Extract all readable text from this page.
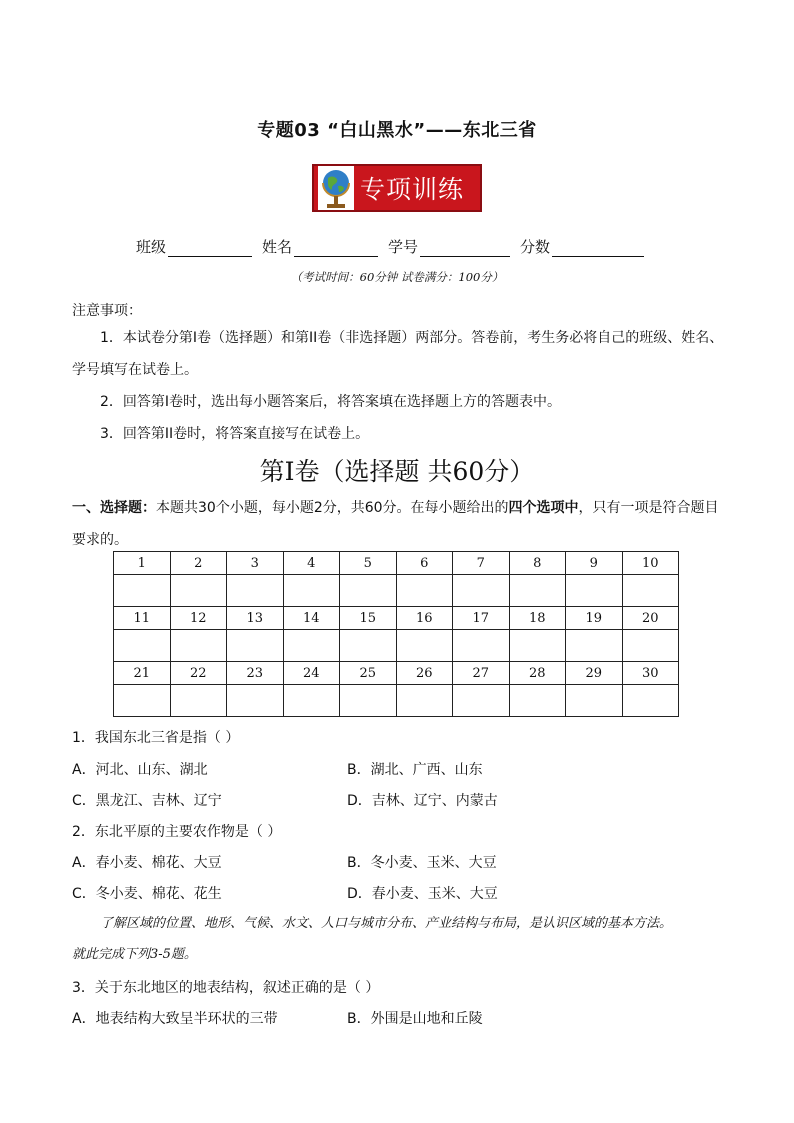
专题03 “白山黑水”——东北三省
专项训练
班级	姓名	学号	分数
（考试时间：60分钟 试卷满分：100分）
注意事项：
1．本试卷分第I卷（选择题）和第II卷（非选择题）两部分。答卷前，考生务必将自己的班级、姓名、学号填写在试卷上。
2．回答第I卷时，选出每小题答案后，将答案填在选择题上方的答题表中。
3．回答第II卷时，将答案直接写在试卷上。
第I卷（选择题 共60分）
一、选择题：本题共30个小题，每小题2分，共60分。在每小题给出的四个选项中，只有一项是符合题目要求的。
1	2	3	4	5	6	7	8	9	10

11	12	13	14	15	16	17	18	19	20

21	22	23	24	25	26	27	28	29	30

1．我国东北三省是指（ ）
A．河北、山东、湖北	B．湖北、广西、山东
C．黑龙江、吉林、辽宁	D．吉林、辽宁、内蒙古
2．东北平原的主要农作物是（ ）
A．春小麦、棉花、大豆	B．冬小麦、玉米、大豆
C．冬小麦、棉花、花生	D．春小麦、玉米、大豆
了解区域的位置、地形、气候、水文、人口与城市分布、产业结构与布局，是认识区域的基本方法。
就此完成下列3-5题。
3．关于东北地区的地表结构，叙述正确的是（ ）
A．地表结构大致呈半环状的三带	B．外围是山地和丘陵
